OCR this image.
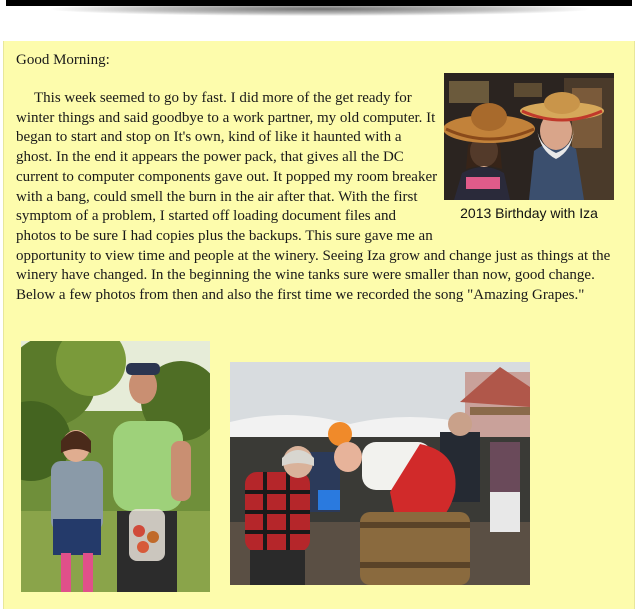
Good Morning:

2013 Birthday with Iza
This week seemed to go by fast. I did more of the get ready for winter things and said goodbye to a work partner, my old computer. It began to start and stop on It's own, kind of like it haunted with a ghost. In the end it appears the power pack, that gives all the DC current to computer components gave out. It popped my room breaker with a bang, could smell the burn in the air after that. With the first symptom of a problem, I started off loading document files and photos to be sure I had copies plus the backups. This sure gave me an opportunity to view time and people at the winery. Seeing Iza grow and change just as things at the winery have changed. In the beginning the wine tanks sure were smaller than now, good change. Below a few photos from then and also the first time we recorded the song "Amazing Grapes."
